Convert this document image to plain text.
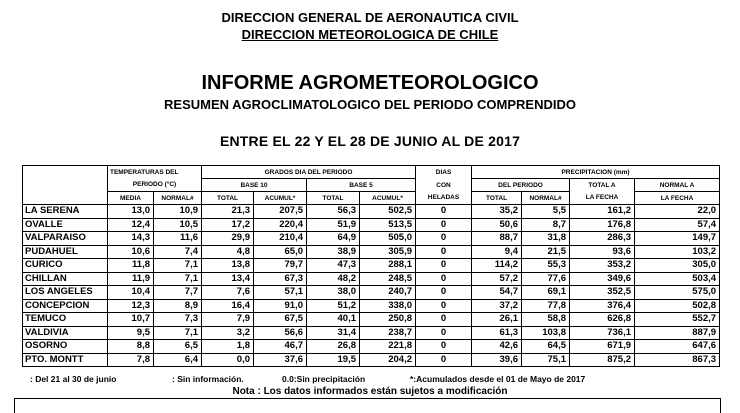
DIRECCION GENERAL DE AERONAUTICA CIVIL
DIRECCION METEOROLOGICA DE CHILE
INFORME AGROMETEOROLOGICO
RESUMEN AGROCLIMATOLOGICO DEL PERIODO COMPRENDIDO
ENTRE EL 22 Y EL 28 DE JUNIO AL DE 2017
	TEMPERATURAS DEL		GRADOS DIA DEL PERIODO				DIAS	PRECIPITACION (mm)			
	PERIODO (°C)		BASE 10		BASE 5		CON	DEL PERIODO		TOTAL A	NORMAL A
	MEDIA	NORMAL#	TOTAL	ACUMUL*	TOTAL	ACUMUL*	HELADAS	TOTAL	NORMAL#	LA FECHA	LA FECHA
LA SERENA	13,0	10,9	21,3	207,5	56,3	502,5	0	35,2	5,5	161,2	22,0
OVALLE	12,4	10,5	17,2	220,4	51,9	513,5	0	50,6	8,7	176,8	57,4
VALPARAISO	14,3	11,6	29,9	210,4	64,9	505,0	0	88,7	31,8	286,3	149,7
PUDAHUEL	10,6	7,4	4,8	65,0	38,9	305,9	0	9,4	21,5	93,6	103,2
CURICO	11,8	7,1	13,8	79,7	47,3	288,1	0	114,2	55,3	353,2	305,0
CHILLAN	11,9	7,1	13,4	67,3	48,2	248,5	0	57,2	77,6	349,6	503,4
LOS ANGELES	10,4	7,7	7,6	57,1	38,0	240,7	0	54,7	69,1	352,5	575,0
CONCEPCION	12,3	8,9	16,4	91,0	51,2	338,0	0	37,2	77,8	376,4	502,8
TEMUCO	10,7	7,3	7,9	67,5	40,1	250,8	0	26,1	58,8	626,8	552,7
VALDIVIA	9,5	7,1	3,2	56,6	31,4	238,7	0	61,3	103,8	736,1	887,9
OSORNO	8,8	6,5	1,8	46,7	26,8	221,8	0	42,6	64,5	671,9	647,6
PTO. MONTT	7,8	6,4	0,0	37,6	19,5	204,2	0	39,6	75,1	875,2	867,3
: Del 21 al 30 de junio	: Sin información.	0.0:Sin precipitación	*:Acumulados desde el 01 de Mayo de 2017
Nota : Los datos informados están sujetos a modificación
